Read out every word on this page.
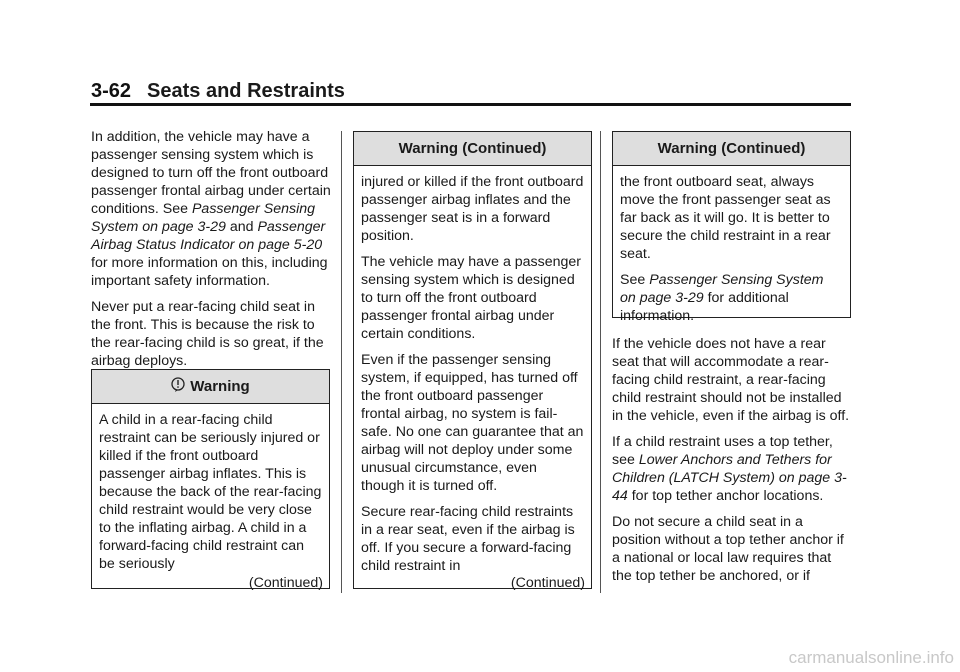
3-62 Seats and Restraints

In addition, the vehicle may have a passenger sensing system which is designed to turn off the front outboard passenger frontal airbag under certain conditions. See Passenger Sensing System on page 3-29 and Passenger Airbag Status Indicator on page 5-20 for more information on this, including important safety information.

Never put a rear-facing child seat in the front. This is because the risk to the rear-facing child is so great, if the airbag deploys.

Warning

A child in a rear-facing child restraint can be seriously injured or killed if the front outboard passenger airbag inflates. This is because the back of the rear-facing child restraint would be very close to the inflating airbag. A child in a forward-facing child restraint can be seriously

(Continued)
Warning (Continued)

injured or killed if the front outboard passenger airbag inflates and the passenger seat is in a forward position.

The vehicle may have a passenger sensing system which is designed to turn off the front outboard passenger frontal airbag under certain conditions.

Even if the passenger sensing system, if equipped, has turned off the front outboard passenger frontal airbag, no system is fail-safe. No one can guarantee that an airbag will not deploy under some unusual circumstance, even though it is turned off.

Secure rear-facing child restraints in a rear seat, even if the airbag is off. If you secure a forward-facing child restraint in

(Continued)
Warning (Continued)

the front outboard seat, always move the front passenger seat as far back as it will go. It is better to secure the child restraint in a rear seat.

See Passenger Sensing System on page 3-29 for additional information.

If the vehicle does not have a rear seat that will accommodate a rear-facing child restraint, a rear-facing child restraint should not be installed in the vehicle, even if the airbag is off.

If a child restraint uses a top tether, see Lower Anchors and Tethers for Children (LATCH System) on page 3-44 for top tether anchor locations.

Do not secure a child seat in a position without a top tether anchor if a national or local law requires that the top tether be anchored, or if

carmanualsonline.info
